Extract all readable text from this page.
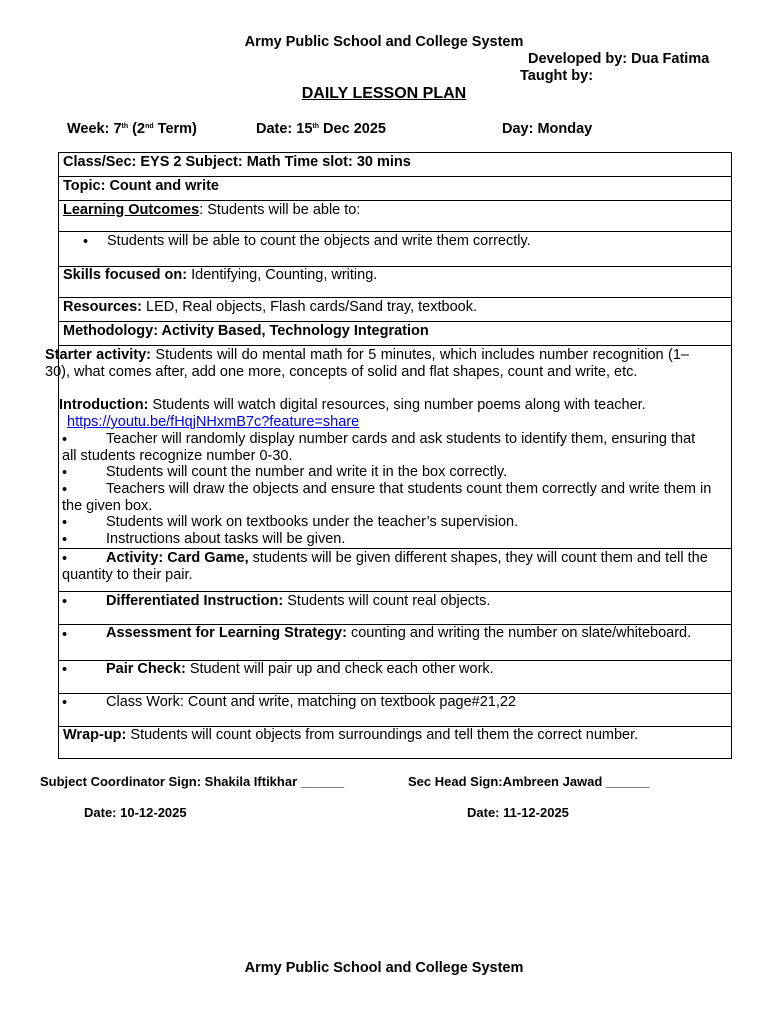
Army Public School and College System
Developed by: Dua Fatima
Taught by:
DAILY LESSON PLAN
Week: 7th (2nd Term)	Date: 15th Dec 2025	Day: Monday
Class/Sec: EYS 2 Subject: Math Time slot: 30 mins
Topic: Count and write
Learning Outcomes: Students will be able to:
• Students will be able to count the objects and write them correctly.
Skills focused on: Identifying, Counting, writing.
Resources: LED, Real objects, Flash cards/Sand tray, textbook.
Methodology: Activity Based, Technology Integration
Starter activity: Students will do mental math for 5 minutes, which includes number recognition (1–30), what comes after, add one more, concepts of solid and flat shapes, count and write, etc.
Introduction: Students will watch digital resources, sing number poems along with teacher.
https://youtu.be/fHqjNHxmB7c?feature=share
•	Teacher will randomly display number cards and ask students to identify them, ensuring that all students recognize number 0-30.
•	Students will count the number and write it in the box correctly.
•	Teachers will draw the objects and ensure that students count them correctly and write them in the given box.
•	Students will work on textbooks under the teacher’s supervision.
•	Instructions about tasks will be given.
•	Activity: Card Game, students will be given different shapes, they will count them and tell the quantity to their pair.
•	Differentiated Instruction: Students will count real objects.
•	Assessment for Learning Strategy: counting and writing the number on slate/whiteboard.
•	Pair Check: Student will pair up and check each other work.
•	Class Work: Count and write, matching on textbook page#21,22
Wrap-up: Students will count objects from surroundings and tell them the correct number.
Subject Coordinator Sign: Shakila Iftikhar ______	Sec Head Sign:Ambreen Jawad ______
Date: 10-12-2025	Date: 11-12-2025
Army Public School and College System
